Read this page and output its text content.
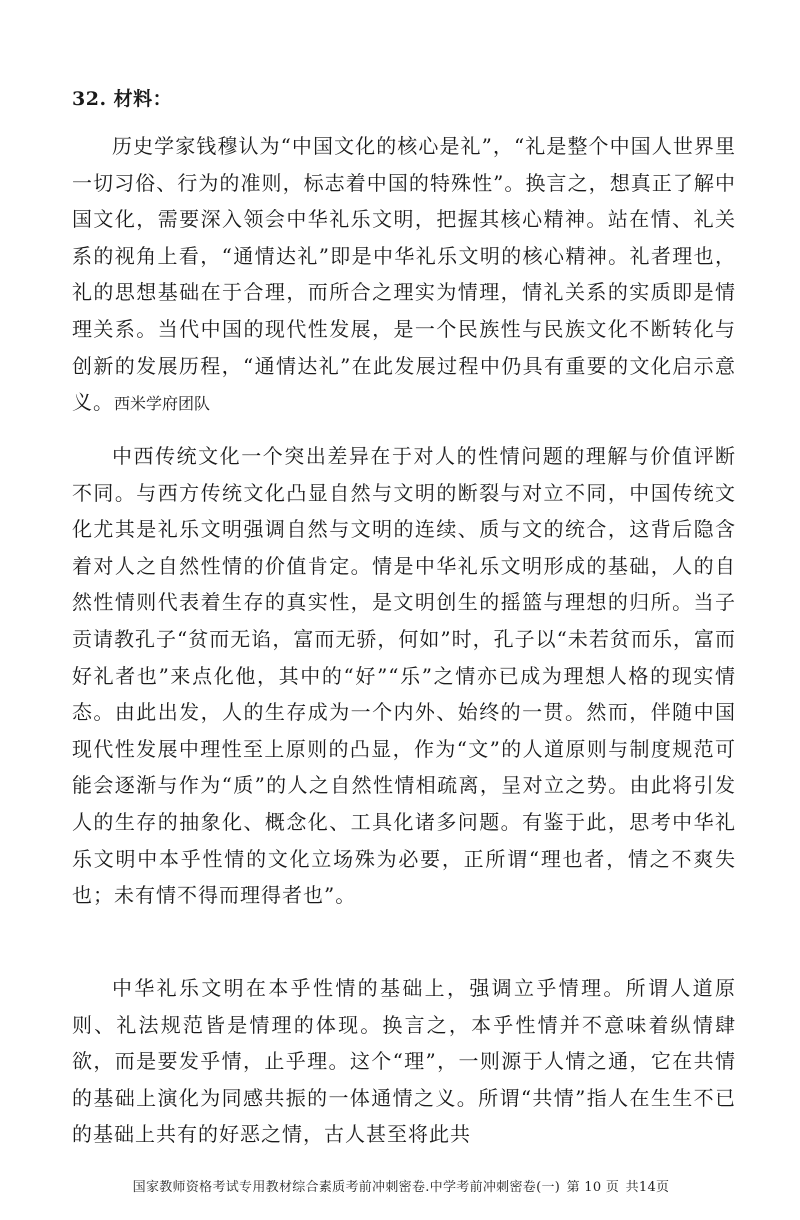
32. 材料：

历史学家钱穆认为“中国文化的核心是礼”，“礼是整个中国人世界里一切习俗、行为的准则，标志着中国的特殊性”。换言之，想真正了解中国文化，需要深入领会中华礼乐文明，把握其核心精神。站在情、礼关系的视角上看，“通情达礼”即是中华礼乐文明的核心精神。礼者理也，礼的思想基础在于合理，而所合之理实为情理，情礼关系的实质即是情理关系。当代中国的现代性发展，是一个民族性与民族文化不断转化与创新的发展历程，“通情达礼”在此发展过程中仍具有重要的文化启示意义。西米学府团队

中西传统文化一个突出差异在于对人的性情问题的理解与价值评断不同。与西方传统文化凸显自然与文明的断裂与对立不同，中国传统文化尤其是礼乐文明强调自然与文明的连续、质与文的统合，这背后隐含着对人之自然性情的价值肯定。情是中华礼乐文明形成的基础，人的自然性情则代表着生存的真实性，是文明创生的摇篮与理想的归所。当子贡请教孔子“贫而无谄，富而无骄，何如”时，孔子以“未若贫而乐，富而好礼者也”来点化他，其中的“好”“乐”之情亦已成为理想人格的现实情态。由此出发，人的生存成为一个内外、始终的一贯。然而，伴随中国现代性发展中理性至上原则的凸显，作为“文”的人道原则与制度规范可能会逐渐与作为“质”的人之自然性情相疏离，呈对立之势。由此将引发人的生存的抽象化、概念化、工具化诸多问题。有鉴于此，思考中华礼乐文明中本乎性情的文化立场殊为必要，正所谓“理也者，情之不爽失也；未有情不得而理得者也”。

中华礼乐文明在本乎性情的基础上，强调立乎情理。所谓人道原则、礼法规范皆是情理的体现。换言之，本乎性情并不意味着纵情肆欲，而是要发乎情，止乎理。这个“理”，一则源于人情之通，它在共情的基础上演化为同感共振的一体通情之义。所谓“共情”指人在生生不已的基础上共有的好恶之情，古人甚至将此共

国家教师资格考试专用教材综合素质考前冲刺密卷.中学考前冲刺密卷(一) 第 10 页 共14页
